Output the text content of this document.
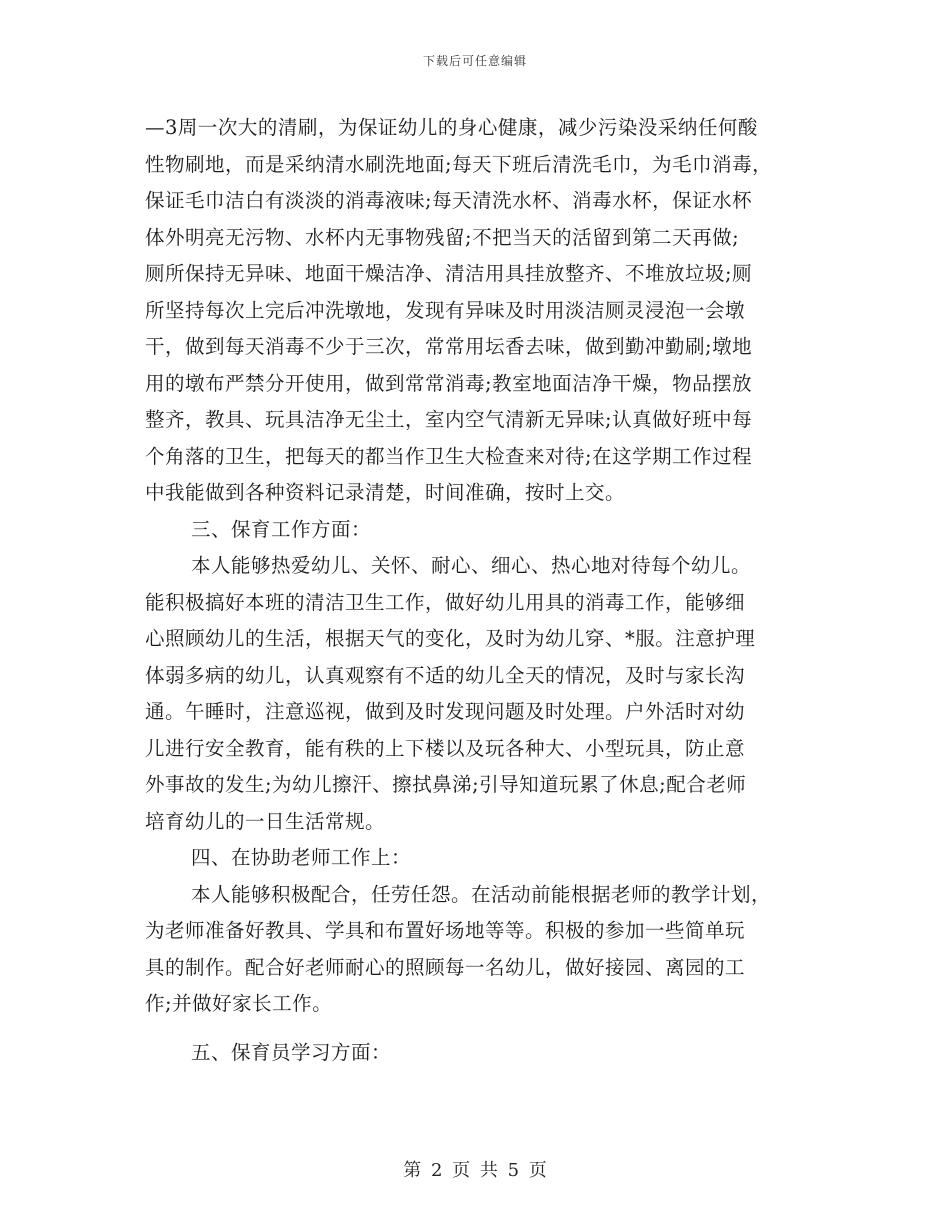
下载后可任意编辑
—3周一次大的清刷，为保证幼儿的身心健康，减少污染没采纳任何酸
性物刷地，而是采纳清水刷洗地面;每天下班后清洗毛巾，为毛巾消毒，
保证毛巾洁白有淡淡的消毒液味;每天清洗水杯、消毒水杯，保证水杯
体外明亮无污物、水杯内无事物残留;不把当天的活留到第二天再做;
厕所保持无异味、地面干燥洁净、清洁用具挂放整齐、不堆放垃圾;厕
所坚持每次上完后冲洗墩地，发现有异味及时用淡洁厕灵浸泡一会墩
干，做到每天消毒不少于三次，常常用坛香去味，做到勤冲勤刷;墩地
用的墩布严禁分开使用，做到常常消毒;教室地面洁净干燥，物品摆放
整齐，教具、玩具洁净无尘土，室内空气清新无异味;认真做好班中每
个角落的卫生，把每天的都当作卫生大检查来对待;在这学期工作过程
中我能做到各种资料记录清楚，时间准确，按时上交。
三、保育工作方面：
本人能够热爱幼儿、关怀、耐心、细心、热心地对待每个幼儿。
能积极搞好本班的清洁卫生工作，做好幼儿用具的消毒工作，能够细
心照顾幼儿的生活，根据天气的变化，及时为幼儿穿、*服。注意护理
体弱多病的幼儿，认真观察有不适的幼儿全天的情况，及时与家长沟
通。午睡时，注意巡视，做到及时发现问题及时处理。户外活时对幼
儿进行安全教育，能有秩的上下楼以及玩各种大、小型玩具，防止意
外事故的发生;为幼儿擦汗、擦拭鼻涕;引导知道玩累了休息;配合老师
培育幼儿的一日生活常规。
四、在协助老师工作上：
本人能够积极配合，任劳任怨。在活动前能根据老师的教学计划，
为老师准备好教具、学具和布置好场地等等。积极的参加一些简单玩
具的制作。配合好老师耐心的照顾每一名幼儿，做好接园、离园的工
作;并做好家长工作。
五、保育员学习方面：
第 2 页 共 5 页
